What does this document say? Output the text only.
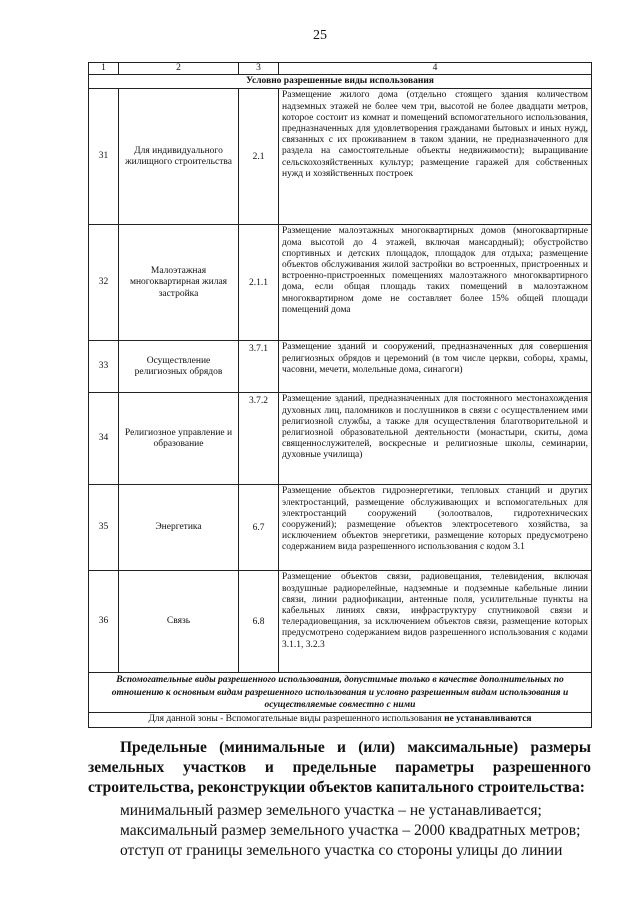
25
1	2	3	4
Условно разрешенные виды использования			
31	Для индивидуального жилищного строительства	2.1	Размещение жилого дома (отдельно стоящего здания количеством надземных этажей не более чем три, высотой не более двадцати метров, которое состоит из комнат и помещений вспомогательного использования, предназначенных для удовлетворения гражданами бытовых и иных нужд, связанных с их проживанием в таком здании, не предназначенного для раздела на самостоятельные объекты недвижимости); выращивание сельскохозяйственных культур; размещение гаражей для собственных нужд и хозяйственных построек
32	Малоэтажная многоквартирная жилая застройка	2.1.1	Размещение малоэтажных многоквартирных домов (многоквартирные дома высотой до 4 этажей, включая мансардный); обустройство спортивных и детских площадок, площадок для отдыха; размещение объектов обслуживания жилой застройки во встроенных, пристроенных и встроенно-пристроенных помещениях малоэтажного многоквартирного дома, если общая площадь таких помещений в малоэтажном многоквартирном доме не составляет более 15% общей площади помещений дома
33	Осуществление религиозных обрядов	3.7.1	Размещение зданий и сооружений, предназначенных для совершения религиозных обрядов и церемоний (в том числе церкви, соборы, храмы, часовни, мечети, молельные дома, синагоги)
34	Религиозное управление и образование	3.7.2	Размещение зданий, предназначенных для постоянного местонахождения духовных лиц, паломников и послушников в связи с осуществлением ими религиозной службы, а также для осуществления благотворительной и религиозной образовательной деятельности (монастыри, скиты, дома священнослужителей, воскресные и религиозные школы, семинарии, духовные училища)
35	Энергетика	6.7	Размещение объектов гидроэнергетики, тепловых станций и других электростанций, размещение обслуживающих и вспомогательных для электростанций сооружений (золоотвалов, гидротехнических сооружений); размещение объектов электросетевого хозяйства, за исключением объектов энергетики, размещение которых предусмотрено содержанием вида разрешенного использования с кодом 3.1
36	Связь	6.8	Размещение объектов связи, радиовещания, телевидения, включая воздушные радиорелейные, надземные и подземные кабельные линии связи, линии радиофикации, антенные поля, усилительные пункты на кабельных линиях связи, инфраструктуру спутниковой связи и телерадиовещания, за исключением объектов связи, размещение которых предусмотрено содержанием видов разрешенного использования с кодами 3.1.1, 3.2.3
Вспомогательные виды разрешенного использования, допустимые только в качестве дополнительных по отношению к основным видам разрешенного использования и условно разрешенным видам использования и осуществляемые совместно с ними			
Для данной зоны - Вспомогательные виды разрешенного использования не устанавливаются			
Предельные (минимальные и (или) максимальные) размеры земельных участков и предельные параметры разрешенного строительства, реконструкции объектов капитального строительства:
минимальный размер земельного участка – не устанавливается;
максимальный размер земельного участка – 2000 квадратных метров;
отступ от границы земельного участка со стороны улицы до линии
